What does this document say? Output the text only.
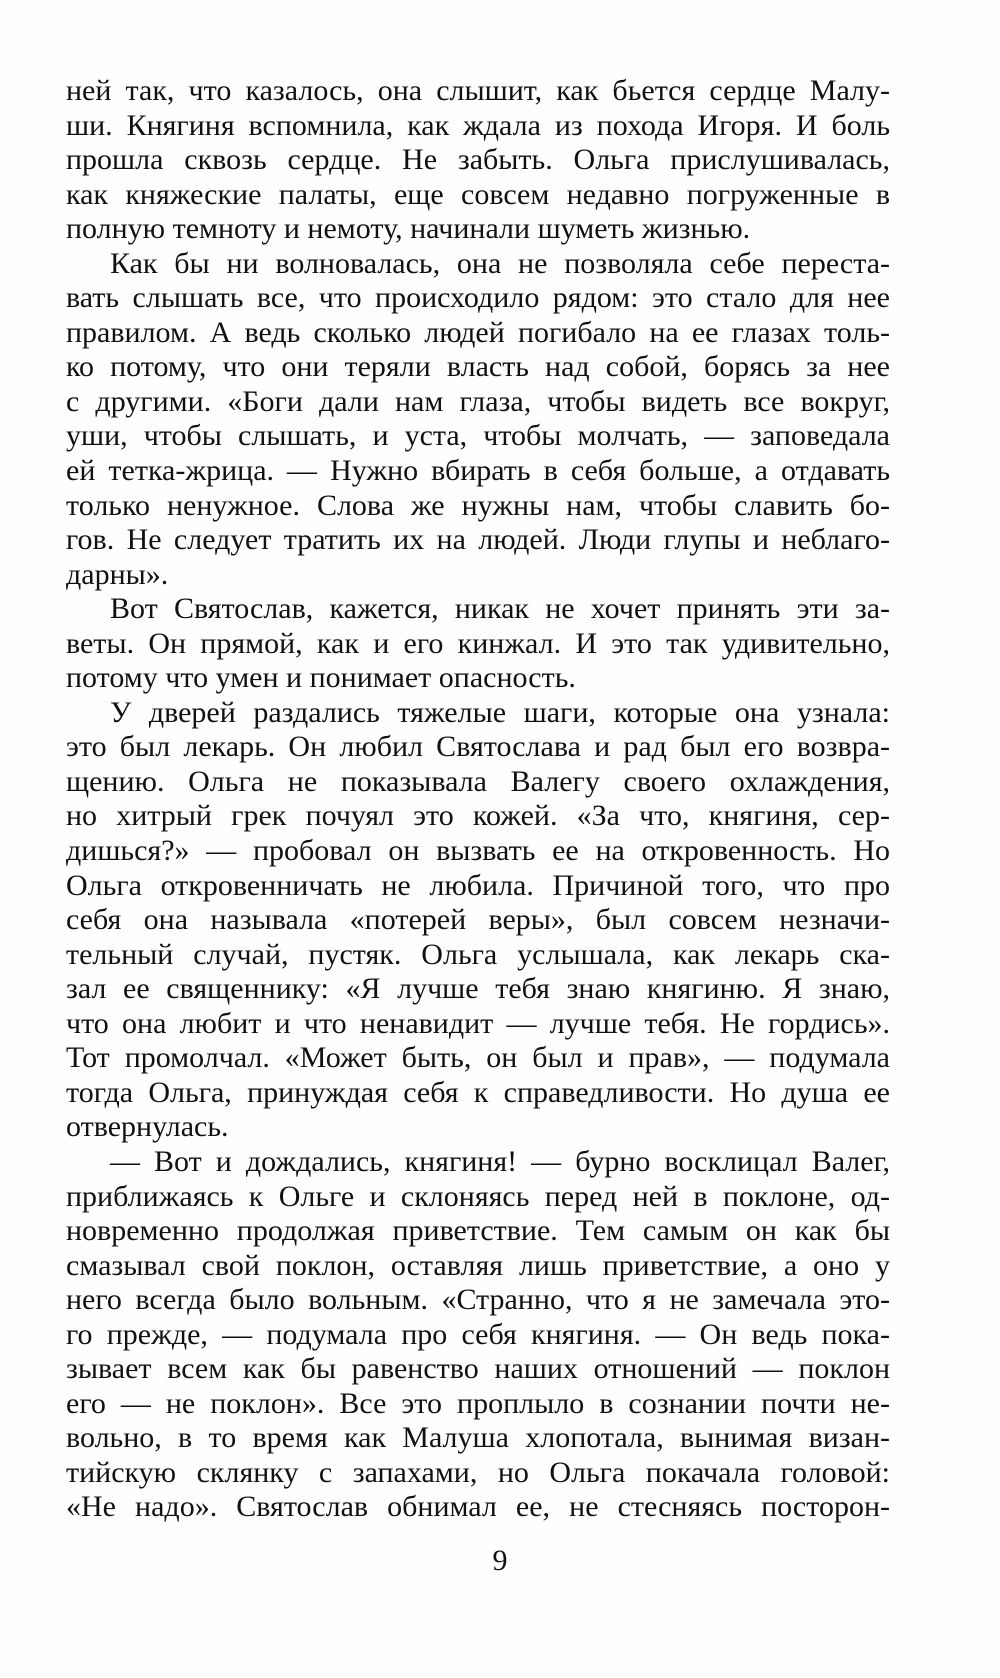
ней так, что казалось, она слышит, как бьется сердце Малу-
ши. Княгиня вспомнила, как ждала из похода Игоря. И боль
прошла сквозь сердце. Не забыть. Ольга прислушивалась,
как княжеские палаты, еще совсем недавно погруженные в
полную темноту и немоту, начинали шуметь жизнью.
Как бы ни волновалась, она не позволяла себе переста-
вать слышать все, что происходило рядом: это стало для нее
правилом. А ведь сколько людей погибало на ее глазах толь-
ко потому, что они теряли власть над собой, борясь за нее
с другими. «Боги дали нам глаза, чтобы видеть все вокруг,
уши, чтобы слышать, и уста, чтобы молчать, — заповедала
ей тетка-жрица. — Нужно вбирать в себя больше, а отдавать
только ненужное. Слова же нужны нам, чтобы славить бо-
гов. Не следует тратить их на людей. Люди глупы и неблаго-
дарны».
Вот Святослав, кажется, никак не хочет принять эти за-
веты. Он прямой, как и его кинжал. И это так удивительно,
потому что умен и понимает опасность.
У дверей раздались тяжелые шаги, которые она узнала:
это был лекарь. Он любил Святослава и рад был его возвра-
щению. Ольга не показывала Валегу своего охлаждения,
но хитрый грек почуял это кожей. «За что, княгиня, сер-
дишься?» — пробовал он вызвать ее на откровенность. Но
Ольга откровенничать не любила. Причиной того, что про
себя она называла «потерей веры», был совсем незначи-
тельный случай, пустяк. Ольга услышала, как лекарь ска-
зал ее священнику: «Я лучше тебя знаю княгиню. Я знаю,
что она любит и что ненавидит — лучше тебя. Не гордись».
Тот промолчал. «Может быть, он был и прав», — подумала
тогда Ольга, принуждая себя к справедливости. Но душа ее
отвернулась.
— Вот и дождались, княгиня! — бурно восклицал Валег,
приближаясь к Ольге и склоняясь перед ней в поклоне, од-
новременно продолжая приветствие. Тем самым он как бы
смазывал свой поклон, оставляя лишь приветствие, а оно у
него всегда было вольным. «Странно, что я не замечала это-
го прежде, — подумала про себя княгиня. — Он ведь пока-
зывает всем как бы равенство наших отношений — поклон
его — не поклон». Все это проплыло в сознании почти не-
вольно, в то время как Малуша хлопотала, вынимая визан-
тийскую склянку с запахами, но Ольга покачала головой:
«Не надо». Святослав обнимал ее, не стесняясь посторон-
9
